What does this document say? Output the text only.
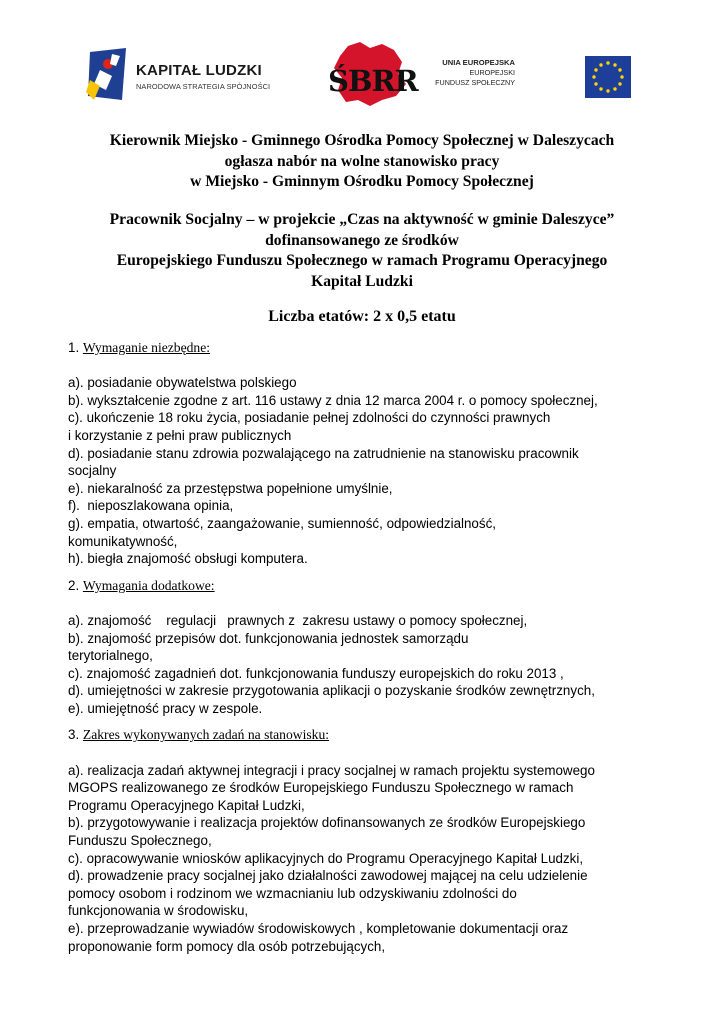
KAPITAŁ LUDZKI
NARODOWA STRATEGIA SPÓJNOŚCI ŚBRR
UNIA EUROPEJSKA
EUROPEJSKI
FUNDUSZ SPOŁECZNY
Kierownik Miejsko - Gminnego Ośrodka Pomocy Społecznej w Daleszycach
ogłasza nabór na wolne stanowisko pracy
w Miejsko - Gminnym Ośrodku Pomocy Społecznej
Pracownik Socjalny – w projekcie „Czas na aktywność w gminie Daleszyce”
dofinansowanego ze środków
Europejskiego Funduszu Społecznego w ramach Programu Operacyjnego
Kapitał Ludzki
Liczba etatów: 2 x 0,5 etatu
1. Wymaganie niezbędne:
a). posiadanie obywatelstwa polskiego
b). wykształcenie zgodne z art. 116 ustawy z dnia 12 marca 2004 r. o pomocy społecznej,
c). ukończenie 18 roku życia, posiadanie pełnej zdolności do czynności prawnych
i korzystanie z pełni praw publicznych
d). posiadanie stanu zdrowia pozwalającego na zatrudnienie na stanowisku pracownik
socjalny
e). niekaralność za przestępstwa popełnione umyślnie,
f).  nieposzlakowana opinia,
g). empatia, otwartość, zaangażowanie, sumienność, odpowiedzialność,
komunikatywność,
h). biegła znajomość obsługi komputera.
2. Wymagania dodatkowe:
a). znajomość    regulacji   prawnych z  zakresu ustawy o pomocy społecznej,
b). znajomość przepisów dot. funkcjonowania jednostek samorządu
terytorialnego,
c). znajomość zagadnień dot. funkcjonowania funduszy europejskich do roku 2013 ,
d). umiejętności w zakresie przygotowania aplikacji o pozyskanie środków zewnętrznych,
e). umiejętność pracy w zespole.
3. Zakres wykonywanych zadań na stanowisku:
a). realizacja zadań aktywnej integracji i pracy socjalnej w ramach projektu systemowego
MGOPS realizowanego ze środków Europejskiego Funduszu Społecznego w ramach
Programu Operacyjnego Kapitał Ludzki,
b). przygotowywanie i realizacja projektów dofinansowanych ze środków Europejskiego
Funduszu Społecznego,
c). opracowywanie wniosków aplikacyjnych do Programu Operacyjnego Kapitał Ludzki,
d). prowadzenie pracy socjalnej jako działalności zawodowej mającej na celu udzielenie
pomocy osobom i rodzinom we wzmacnianiu lub odzyskiwaniu zdolności do
funkcjonowania w środowisku,
e). przeprowadzanie wywiadów środowiskowych , kompletowanie dokumentacji oraz
proponowanie form pomocy dla osób potrzebujących,
